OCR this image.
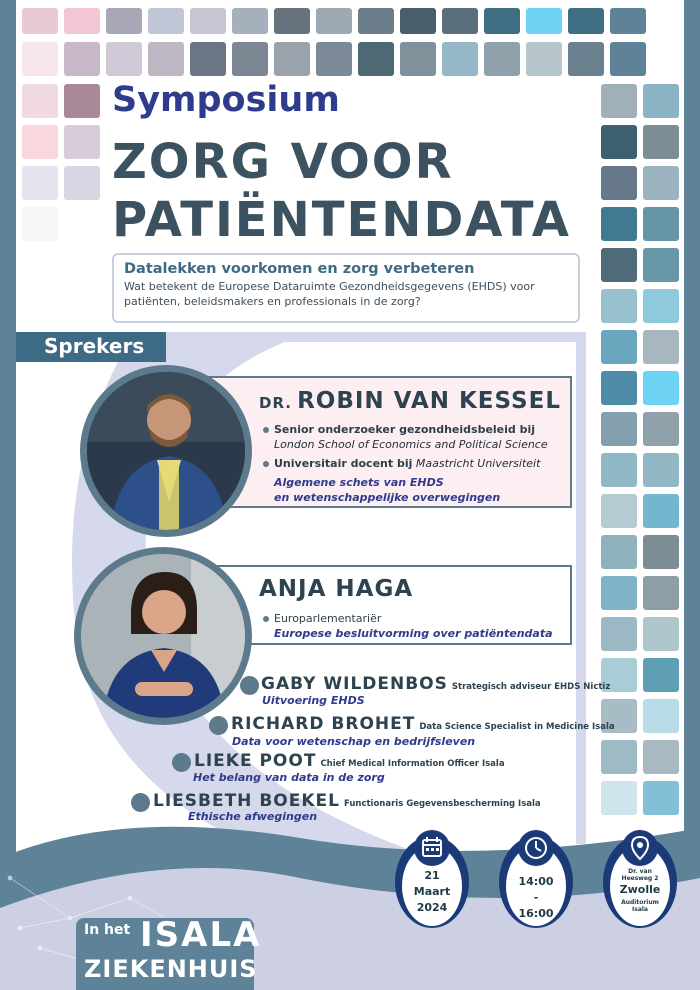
Symposium
ZORG VOOR
PATIËNTENDATA
Datalekken voorkomen en zorg verbeteren
Wat betekent de Europese Dataruimte Gezondheidsgegevens (EHDS) voor
patiënten, beleidsmakers en professionals in de zorg?
Sprekers
DR. ROBIN VAN KESSEL
Senior onderzoeker gezondheidsbeleid bij
London School of Economics and Political Science
Universitair docent bij Maastricht Universiteit
Algemene schets van EHDS
en wetenschappelijke overwegingen
ANJA HAGA
Europarlementariër
Europese besluitvorming over patiëntendata
GABY WILDENBOS Strategisch adviseur EHDS Nictiz
Uitvoering EHDS
RICHARD BROHET Data Science Specialist in Medicine Isala
Data voor wetenschap en bedrijfsleven
LIEKE POOT Chief Medical Information Officer Isala
Het belang van data in de zorg
LIESBETH BOEKEL Functionaris Gegevensbescherming Isala
Ethische afwegingen
In het ISALA
ZIEKENHUIS
21
Maart
2024
14:00
-
16:00
Dr. van
Heesweg 2
Zwolle
Auditorium
Isala
